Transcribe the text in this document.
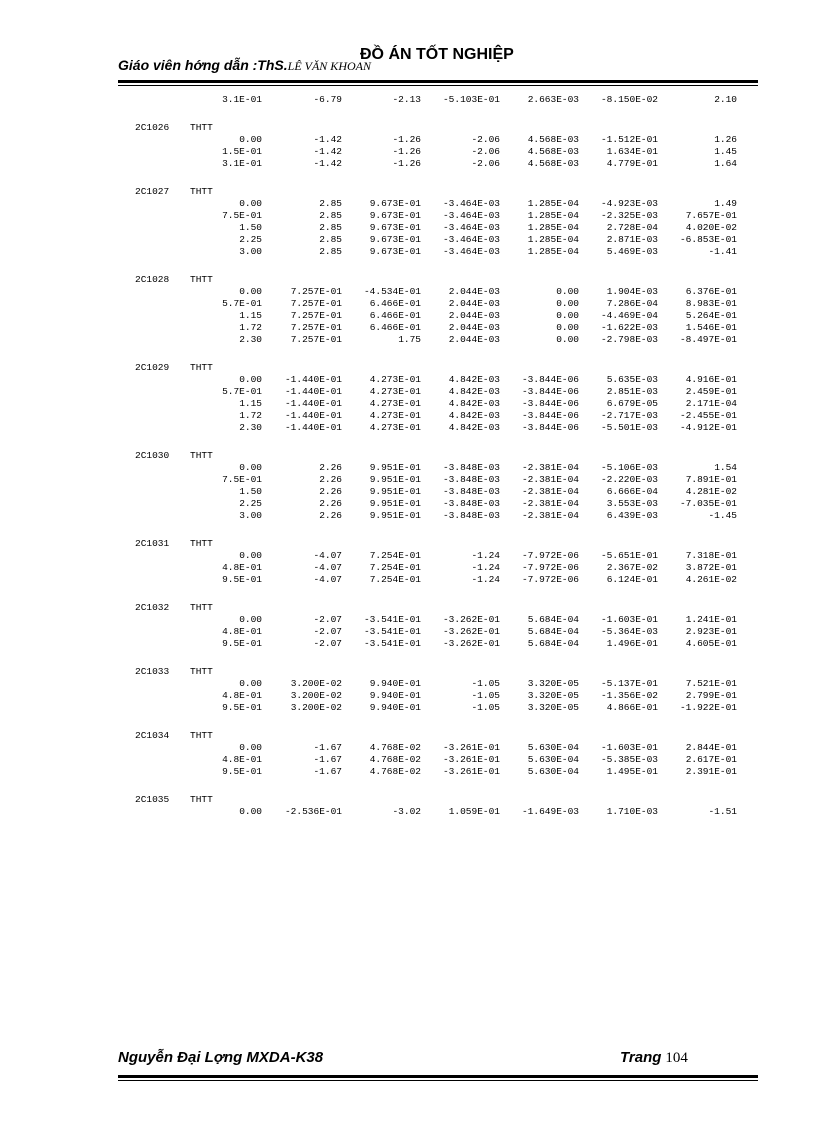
Giáo viên hớng dẫn :ThS.LÊ VĂN KHOAN
ĐỒ ÁN TỐT NGHIỆP
3.1E-01	-6.79	-2.13 -5.103E-01	2.663E-03 -8.150E-02	2.10
2C1026 THTT
0.00	-1.42	-1.26	-2.06	4.568E-03 -1.512E-01	1.26
1.5E-01	-1.42	-1.26	-2.06	4.568E-03	1.634E-01	1.45
3.1E-01	-1.42	-1.26	-2.06	4.568E-03	4.779E-01	1.64
2C1027 THTT
0.00	2.85	9.673E-01 -3.464E-03	1.285E-04 -4.923E-03	1.49
7.5E-01	2.85	9.673E-01 -3.464E-03	1.285E-04 -2.325E-03	7.657E-01
1.50	2.85	9.673E-01 -3.464E-03	1.285E-04	2.728E-04	4.020E-02
2.25	2.85	9.673E-01 -3.464E-03	1.285E-04	2.871E-03 -6.853E-01
3.00	2.85	9.673E-01 -3.464E-03	1.285E-04	5.469E-03	-1.41
2C1028 THTT
0.00	7.257E-01 -4.534E-01	2.044E-03	0.00	1.904E-03	6.376E-01
5.7E-01	7.257E-01	6.466E-01	2.044E-03	0.00	7.286E-04	8.983E-01
1.15	7.257E-01	6.466E-01	2.044E-03	0.00 -4.469E-04	5.264E-01
1.72	7.257E-01	6.466E-01	2.044E-03	0.00 -1.622E-03	1.546E-01
2.30	7.257E-01	1.75	2.044E-03	0.00 -2.798E-03 -8.497E-01
2C1029 THTT
0.00 -1.440E-01	4.273E-01	4.842E-03 -3.844E-06	5.635E-03	4.916E-01
5.7E-01 -1.440E-01	4.273E-01	4.842E-03 -3.844E-06	2.851E-03	2.459E-01
1.15 -1.440E-01	4.273E-01	4.842E-03 -3.844E-06	6.679E-05	2.171E-04
1.72 -1.440E-01	4.273E-01	4.842E-03 -3.844E-06 -2.717E-03 -2.455E-01
2.30 -1.440E-01	4.273E-01	4.842E-03 -3.844E-06 -5.501E-03 -4.912E-01
2C1030 THTT
0.00	2.26	9.951E-01 -3.848E-03 -2.381E-04 -5.106E-03	1.54
7.5E-01	2.26	9.951E-01 -3.848E-03 -2.381E-04 -2.220E-03	7.891E-01
1.50	2.26	9.951E-01 -3.848E-03 -2.381E-04	6.666E-04	4.281E-02
2.25	2.26	9.951E-01 -3.848E-03 -2.381E-04	3.553E-03 -7.035E-01
3.00	2.26	9.951E-01 -3.848E-03 -2.381E-04	6.439E-03	-1.45
2C1031 THTT
0.00	-4.07	7.254E-01	-1.24 -7.972E-06 -5.651E-01	7.318E-01
4.8E-01	-4.07	7.254E-01	-1.24 -7.972E-06	2.367E-02	3.872E-01
9.5E-01	-4.07	7.254E-01	-1.24 -7.972E-06	6.124E-01	4.261E-02
2C1032 THTT
0.00	-2.07 -3.541E-01 -3.262E-01	5.684E-04 -1.603E-01	1.241E-01
4.8E-01	-2.07 -3.541E-01 -3.262E-01	5.684E-04 -5.364E-03	2.923E-01
9.5E-01	-2.07 -3.541E-01 -3.262E-01	5.684E-04	1.496E-01	4.605E-01
2C1033 THTT
0.00	3.200E-02	9.940E-01	-1.05	3.320E-05 -5.137E-01	7.521E-01
4.8E-01	3.200E-02	9.940E-01	-1.05	3.320E-05 -1.356E-02	2.799E-01
9.5E-01	3.200E-02	9.940E-01	-1.05	3.320E-05	4.866E-01 -1.922E-01
2C1034 THTT
0.00	-1.67	4.768E-02 -3.261E-01	5.630E-04 -1.603E-01	2.844E-01
4.8E-01	-1.67	4.768E-02 -3.261E-01	5.630E-04 -5.385E-03	2.617E-01
9.5E-01	-1.67	4.768E-02 -3.261E-01	5.630E-04	1.495E-01	2.391E-01
2C1035 THTT
0.00 -2.536E-01	-3.02	1.059E-01 -1.649E-03	1.710E-03	-1.51
Nguyễn Đại Lợng MXDA-K38	Trang 104
